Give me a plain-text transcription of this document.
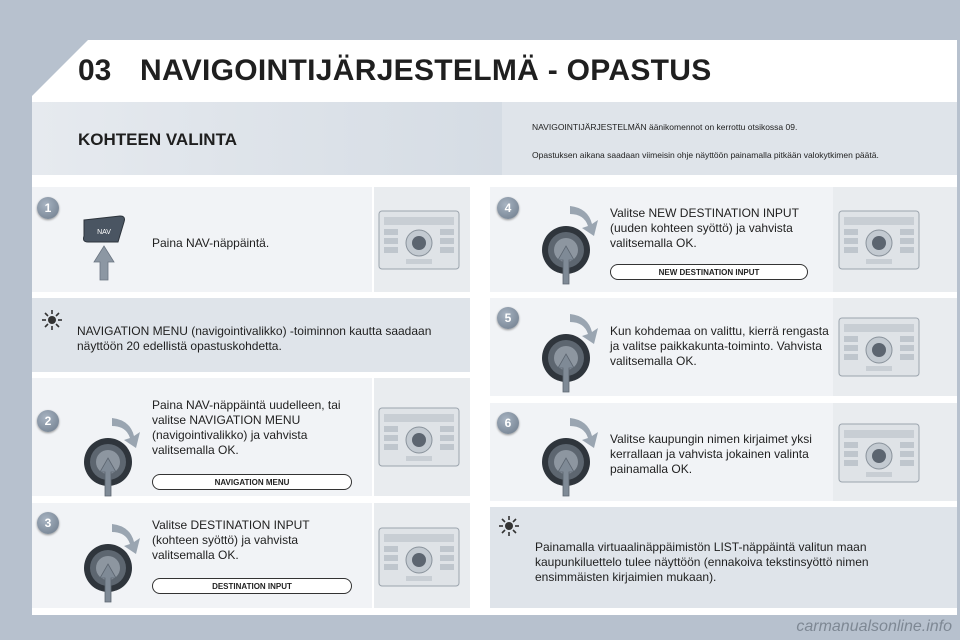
03 NAVIGOINTIJÄRJESTELMÄ - OPASTUS
KOHTEEN VALINTA
NAVIGOINTIJÄRJESTELMÄN äänikomennot on kerrottu otsikossa 09.
Opastuksen aikana saadaan viimeisin ohje näyttöön painamalla pitkään valokytkimen päätä.
1
NAV
Paina NAV-näppäintä.
NAVIGATION MENU (navigointivalikko) -toiminnon kautta saadaan näyttöön 20 edellistä opastuskohdetta.
2
Paina NAV-näppäintä uudelleen, tai valitse NAVIGATION MENU (navigointivalikko) ja vahvista valitsemalla OK.
NAVIGATION MENU
3	Valitse DESTINATION INPUT (kohteen syöttö) ja vahvista valitsemalla OK.
DESTINATION INPUT
4	Valitse NEW DESTINATION INPUT (uuden kohteen syöttö) ja vahvista valitsemalla OK.
NEW DESTINATION INPUT
5
Kun kohdemaa on valittu, kierrä rengasta ja valitse paikkakunta-toiminto. Vahvista valitsemalla OK.
6
Valitse kaupungin nimen kirjaimet yksi kerrallaan ja vahvista jokainen valinta painamalla OK.
Painamalla virtuaalinäppäimistön LIST-näppäintä valitun maan kaupunkiluettelo tulee näyttöön (ennakoiva tekstinsyöttö nimen ensimmäisten kirjaimien mukaan).
carmanualsonline.info
